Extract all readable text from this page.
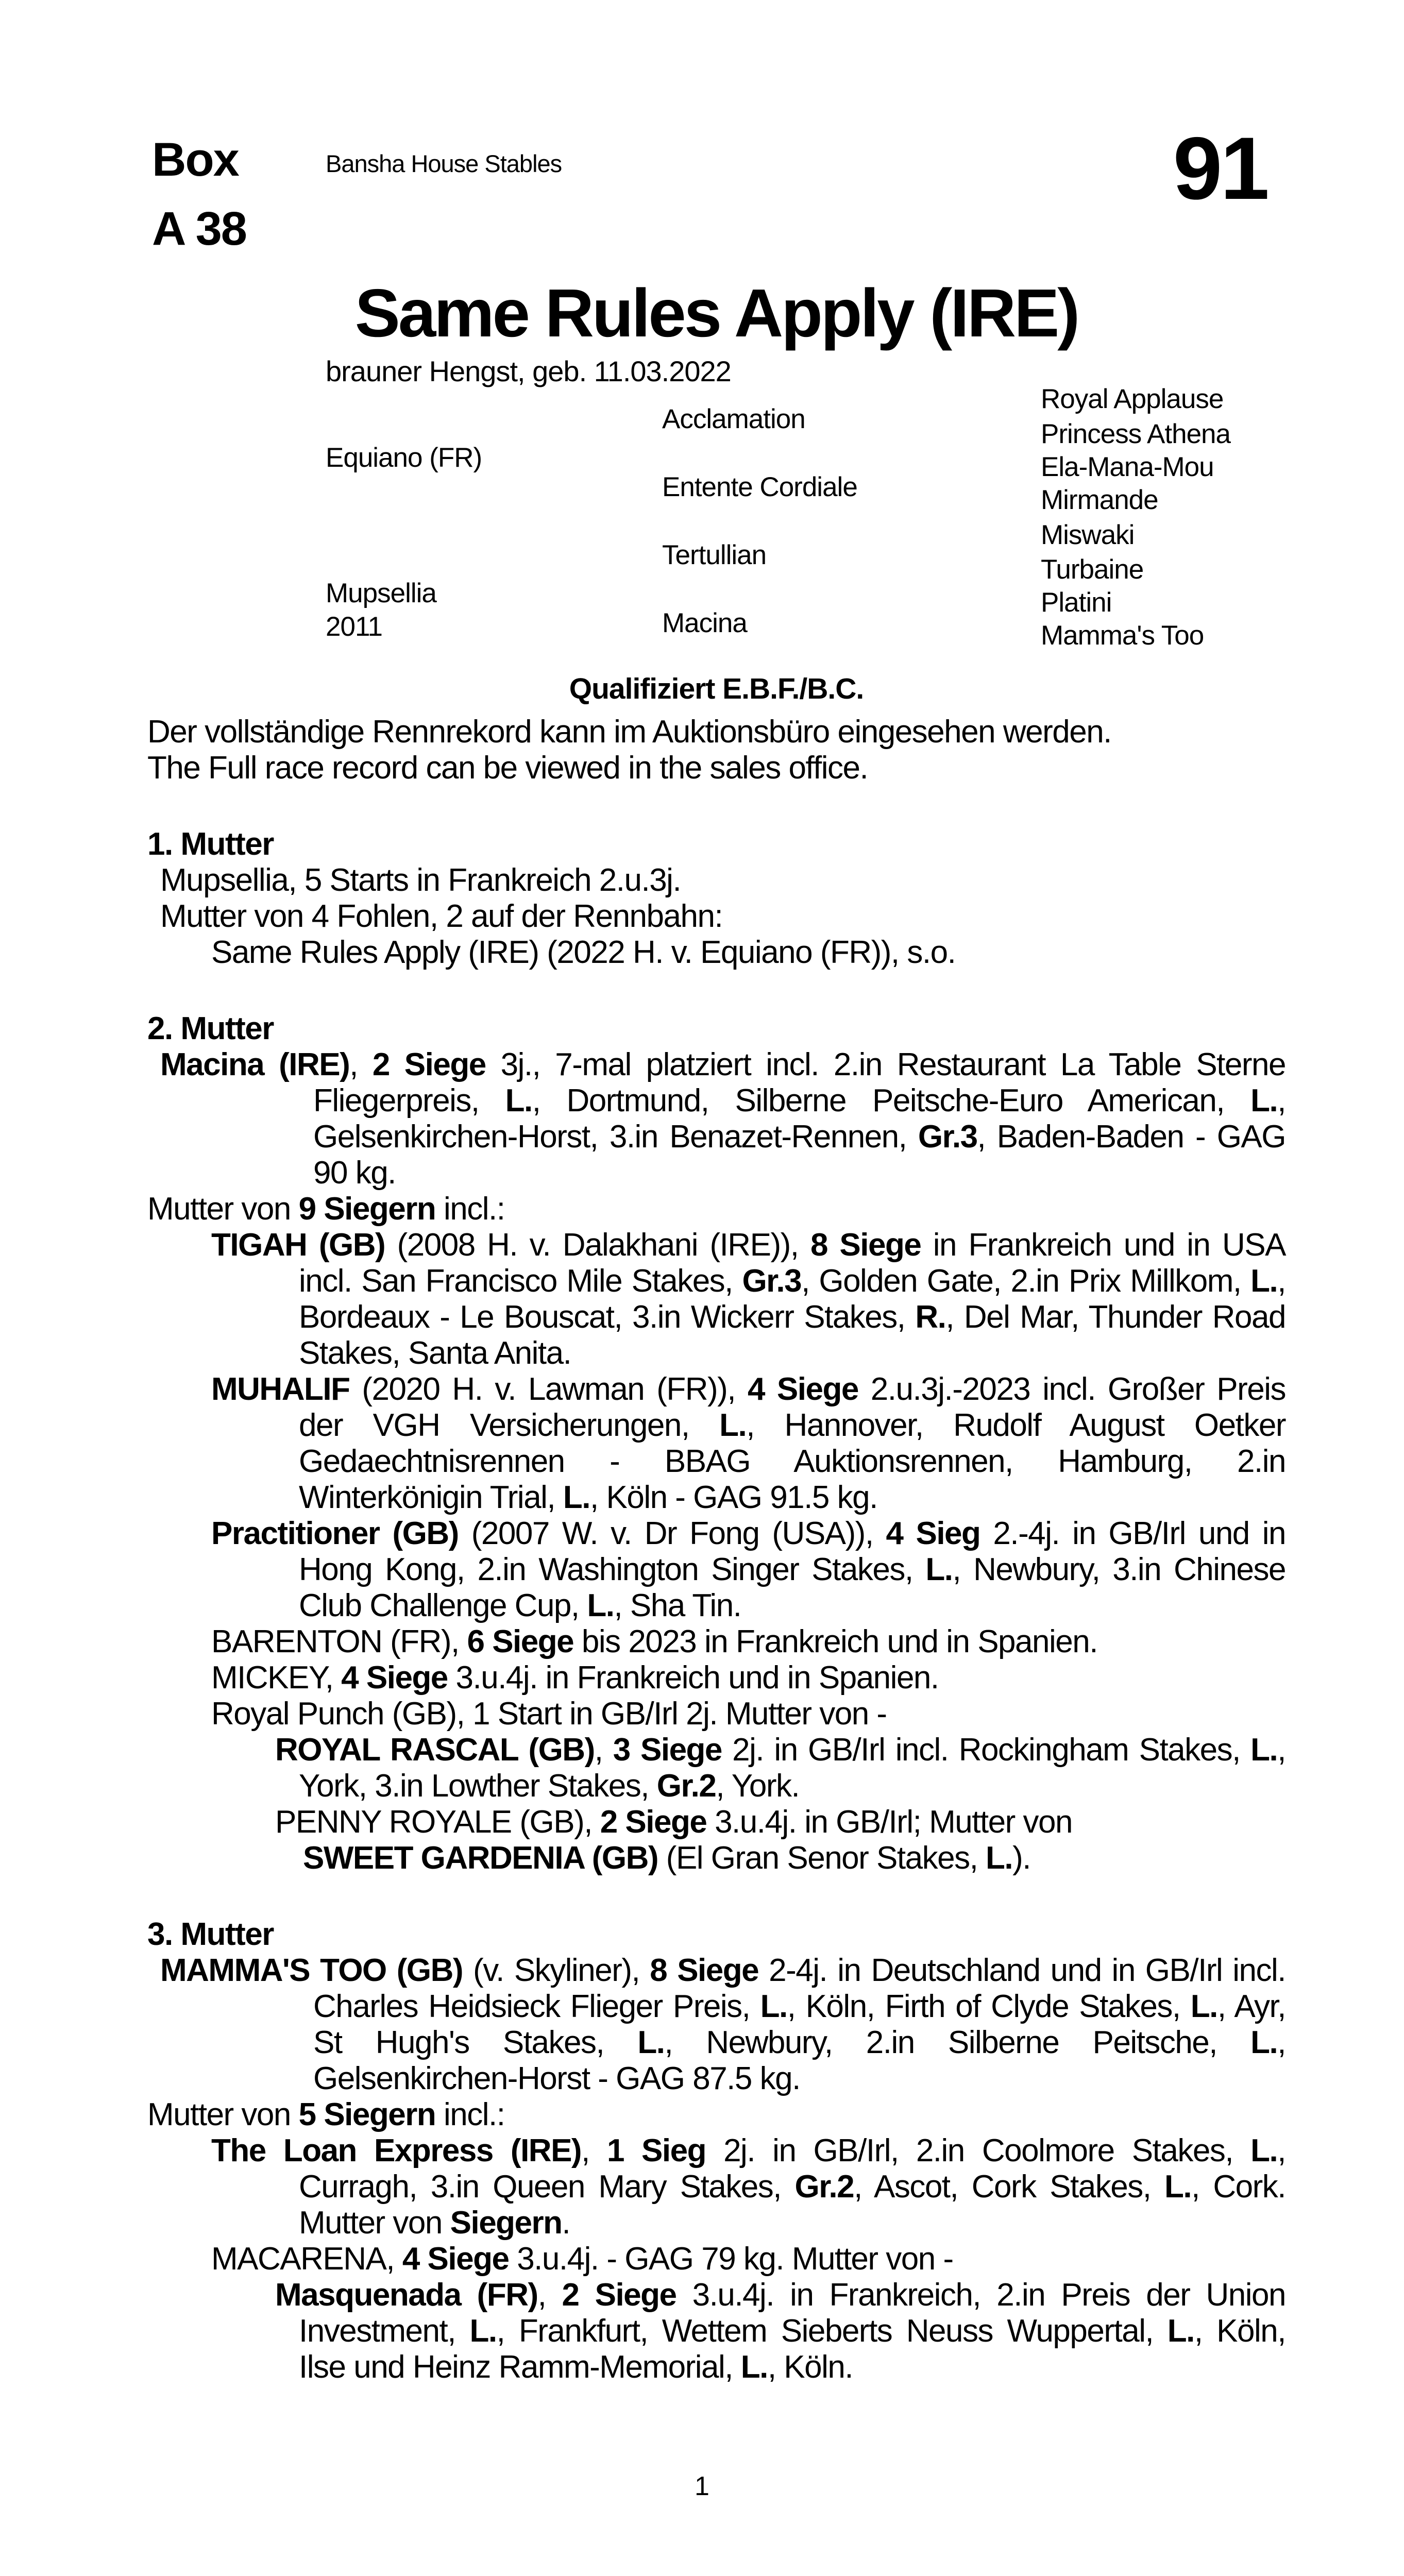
Box
A 38
Bansha House Stables	91
Same Rules Apply (IRE)
brauner Hengst, geb. 11.03.2022
Equiano (FR)
Mupsellia
2011
Acclamation
Entente Cordiale
Tertullian
Macina
Royal Applause
Princess Athena
Ela-Mana-Mou
Mirmande
Miswaki
Turbaine
Platini
Mamma's Too
Qualifiziert E.B.F./B.C.

Der vollständige Rennrekord kann im Auktionsbüro eingesehen werden.

The Full race record can be viewed in the sales office.

1. Mutter

Mupsellia, 5 Starts in Frankreich 2.u.3j.

Mutter von 4 Fohlen, 2 auf der Rennbahn:

Same Rules Apply (IRE) (2022 H. v. Equiano (FR)), s.o.

2. Mutter

Macina (IRE), 2 Siege 3j., 7-mal platziert incl. 2.in Restaurant La Table Sterne Fliegerpreis, L., Dortmund, Silberne Peitsche-Euro American, L., Gelsenkirchen-Horst, 3.in Benazet-Rennen, Gr.3, Baden-Baden - GAG 90 kg.

Mutter von 9 Siegern incl.:

TIGAH (GB) (2008 H. v. Dalakhani (IRE)), 8 Siege in Frankreich und in USA incl. San Francisco Mile Stakes, Gr.3, Golden Gate, 2.in Prix Millkom, L., Bordeaux - Le Bouscat, 3.in Wickerr Stakes, R., Del Mar, Thunder Road Stakes, Santa Anita.

MUHALIF (2020 H. v. Lawman (FR)), 4 Siege 2.u.3j.-2023 incl. Großer Preis der VGH Versicherungen, L., Hannover, Rudolf August Oetker Gedaechtnisrennen - BBAG Auktionsrennen, Hamburg, 2.in Winterkönigin Trial, L., Köln - GAG 91.5 kg.

Practitioner (GB) (2007 W. v. Dr Fong (USA)), 4 Sieg 2.-4j. in GB/Irl und in Hong Kong, 2.in Washington Singer Stakes, L., Newbury, 3.in Chinese Club Challenge Cup, L., Sha Tin.

BARENTON (FR), 6 Siege bis 2023 in Frankreich und in Spanien.

MICKEY, 4 Siege 3.u.4j. in Frankreich und in Spanien.

Royal Punch (GB), 1 Start in GB/Irl 2j. Mutter von -

ROYAL RASCAL (GB), 3 Siege 2j. in GB/Irl incl. Rockingham Stakes, L., York, 3.in Lowther Stakes, Gr.2, York.

PENNY ROYALE (GB), 2 Siege 3.u.4j. in GB/Irl; Mutter von

SWEET GARDENIA (GB) (El Gran Senor Stakes, L.).

3. Mutter

MAMMA'S TOO (GB) (v. Skyliner), 8 Siege 2-4j. in Deutschland und in GB/Irl incl. Charles Heidsieck Flieger Preis, L., Köln, Firth of Clyde Stakes, L., Ayr, St Hugh's Stakes, L., Newbury, 2.in Silberne Peitsche, L., Gelsenkirchen-Horst - GAG 87.5 kg.

Mutter von 5 Siegern incl.:

The Loan Express (IRE), 1 Sieg 2j. in GB/Irl, 2.in Coolmore Stakes, L., Curragh, 3.in Queen Mary Stakes, Gr.2, Ascot, Cork Stakes, L., Cork. Mutter von Siegern.

MACARENA, 4 Siege 3.u.4j. - GAG 79 kg. Mutter von -

Masquenada (FR), 2 Siege 3.u.4j. in Frankreich, 2.in Preis der Union Investment, L., Frankfurt, Wettem Sieberts Neuss Wuppertal, L., Köln, Ilse und Heinz Ramm-Memorial, L., Köln.

1
